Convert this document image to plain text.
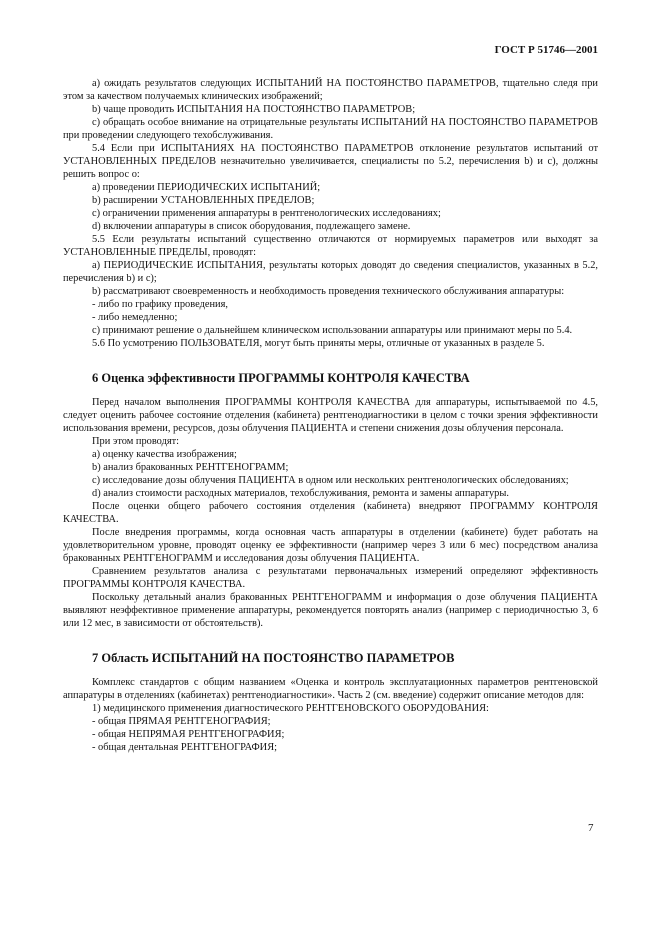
ГОСТ Р 51746—2001

а) ожидать результатов следующих ИСПЫТАНИЙ НА ПОСТОЯНСТВО ПАРАМЕТРОВ, тщательно следя при этом за качеством получаемых клинических изображений;

b) чаще проводить ИСПЫТАНИЯ НА ПОСТОЯНСТВО ПАРАМЕТРОВ;

с) обращать особое внимание на отрицательные результаты ИСПЫТАНИЙ НА ПОСТОЯНСТВО ПАРАМЕТРОВ при проведении следующего техобслуживания.

5.4 Если при ИСПЫТАНИЯХ НА ПОСТОЯНСТВО ПАРАМЕТРОВ отклонение результатов испытаний от УСТАНОВЛЕННЫХ ПРЕДЕЛОВ незначительно увеличивается, специалисты по 5.2, перечисления b) и с), должны решить вопрос о:

а) проведении ПЕРИОДИЧЕСКИХ ИСПЫТАНИЙ;

b) расширении УСТАНОВЛЕННЫХ ПРЕДЕЛОВ;

с) ограничении применения аппаратуры в рентгенологических исследованиях;

d) включении аппаратуры в список оборудования, подлежащего замене.

5.5 Если результаты испытаний существенно отличаются от нормируемых параметров или выходят за УСТАНОВЛЕННЫЕ ПРЕДЕЛЫ, проводят:

а) ПЕРИОДИЧЕСКИЕ ИСПЫТАНИЯ, результаты которых доводят до сведения специалистов, указанных в 5.2, перечисления b) и с);

b) рассматривают своевременность и необходимость проведения технического обслуживания аппаратуры:

- либо по графику проведения,

- либо немедленно;

с) принимают решение о дальнейшем клиническом использовании аппаратуры или принимают меры по 5.4.

5.6 По усмотрению ПОЛЬЗОВАТЕЛЯ, могут быть приняты меры, отличные от указанных в разделе 5.

6 Оценка эффективности ПРОГРАММЫ КОНТРОЛЯ КАЧЕСТВА

Перед началом выполнения ПРОГРАММЫ КОНТРОЛЯ КАЧЕСТВА для аппаратуры, испытываемой по 4.5, следует оценить рабочее состояние отделения (кабинета) рентгенодиагностики в целом с точки зрения эффективности использования времени, ресурсов, дозы облучения ПАЦИЕНТА и степени снижения дозы облучения персонала.

При этом проводят:

а) оценку качества изображения;

b) анализ бракованных РЕНТГЕНОГРАММ;

с) исследование дозы облучения ПАЦИЕНТА в одном или нескольких рентгенологических обследованиях;

d) анализ стоимости расходных материалов, техобслуживания, ремонта и замены аппаратуры.

После оценки общего рабочего состояния отделения (кабинета) внедряют ПРОГРАММУ КОНТРОЛЯ КАЧЕСТВА.

После внедрения программы, когда основная часть аппаратуры в отделении (кабинете) будет работать на удовлетворительном уровне, проводят оценку ее эффективности (например через 3 или 6 мес) посредством анализа бракованных РЕНТГЕНОГРАММ и исследования дозы облучения ПАЦИЕНТА.

Сравнением результатов анализа с результатами первоначальных измерений определяют эффективность ПРОГРАММЫ КОНТРОЛЯ КАЧЕСТВА.

Поскольку детальный анализ бракованных РЕНТГЕНОГРАММ и информация о дозе облучения ПАЦИЕНТА выявляют неэффективное применение аппаратуры, рекомендуется повторять анализ (например с периодичностью 3, 6 или 12 мес, в зависимости от обстоятельств).

7 Область ИСПЫТАНИЙ НА ПОСТОЯНСТВО ПАРАМЕТРОВ

Комплекс стандартов с общим названием «Оценка и контроль эксплуатационных параметров рентгеновской аппаратуры в отделениях (кабинетах) рентгенодиагностики». Часть 2 (см. введение) содержит описание методов для:

1) медицинского применения диагностического РЕНТГЕНОВСКОГО ОБОРУДОВАНИЯ:

- общая ПРЯМАЯ РЕНТГЕНОГРАФИЯ;

- общая НЕПРЯМАЯ РЕНТГЕНОГРАФИЯ;

- общая дентальная РЕНТГЕНОГРАФИЯ;

7
